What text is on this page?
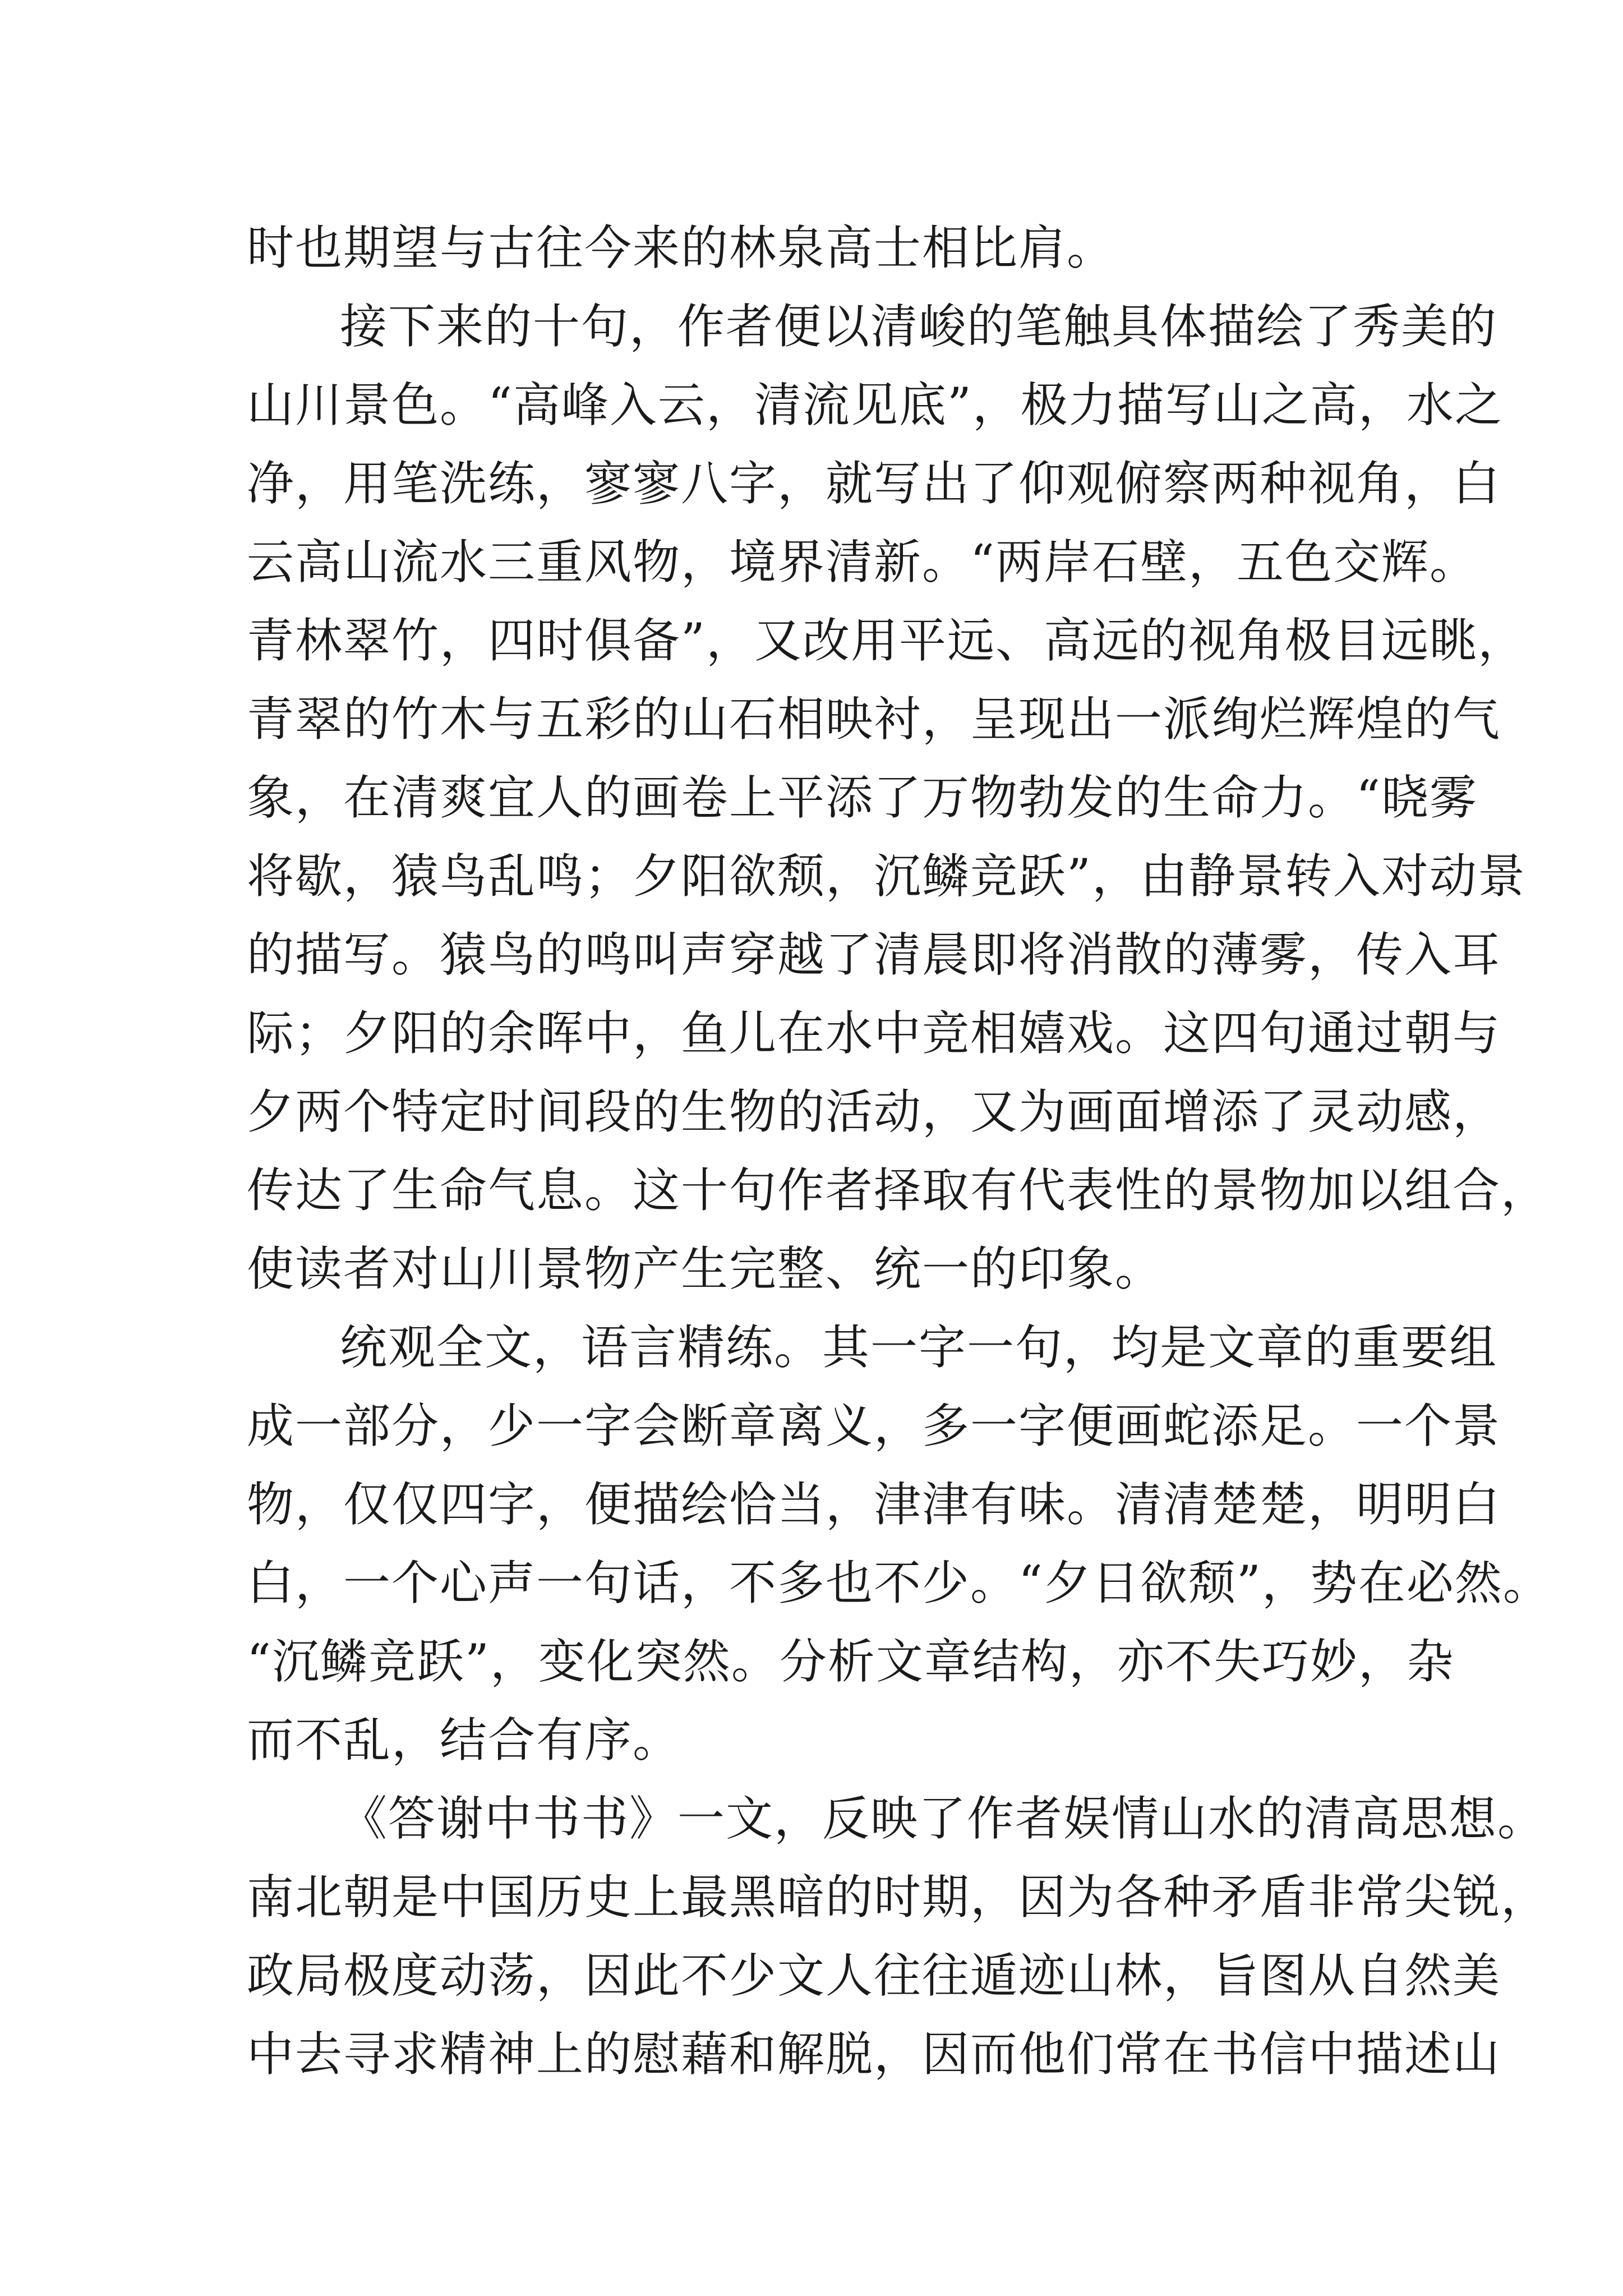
时也期望与古往今来的林泉高士相比肩。
接下来的十句，作者便以清峻的笔触具体描绘了秀美的
山川景色。“高峰入云，清流见底”，极力描写山之高，水之
净，用笔洗练，寥寥八字，就写出了仰观俯察两种视角，白
云高山流水三重风物，境界清新。“两岸石壁，五色交辉。
青林翠竹，四时俱备”，又改用平远、高远的视角极目远眺，
青翠的竹木与五彩的山石相映衬，呈现出一派绚烂辉煌的气
象，在清爽宜人的画卷上平添了万物勃发的生命力。“晓雾
将歇，猿鸟乱鸣；夕阳欲颓，沉鳞竞跃”，由静景转入对动景
的描写。猿鸟的鸣叫声穿越了清晨即将消散的薄雾，传入耳
际；夕阳的余晖中，鱼儿在水中竞相嬉戏。这四句通过朝与
夕两个特定时间段的生物的活动，又为画面增添了灵动感，
传达了生命气息。这十句作者择取有代表性的景物加以组合，
使读者对山川景物产生完整、统一的印象。
统观全文，语言精练。其一字一句，均是文章的重要组
成一部分，少一字会断章离义，多一字便画蛇添足。一个景
物，仅仅四字，便描绘恰当，津津有味。清清楚楚，明明白
白，一个心声一句话，不多也不少。“夕日欲颓”，势在必然。
“沉鳞竞跃”，变化突然。分析文章结构，亦不失巧妙，杂
而不乱，结合有序。
《答谢中书书》一文，反映了作者娱情山水的清高思想。
南北朝是中国历史上最黑暗的时期，因为各种矛盾非常尖锐，
政局极度动荡，因此不少文人往往遁迹山林，旨图从自然美
中去寻求精神上的慰藉和解脱，因而他们常在书信中描述山
